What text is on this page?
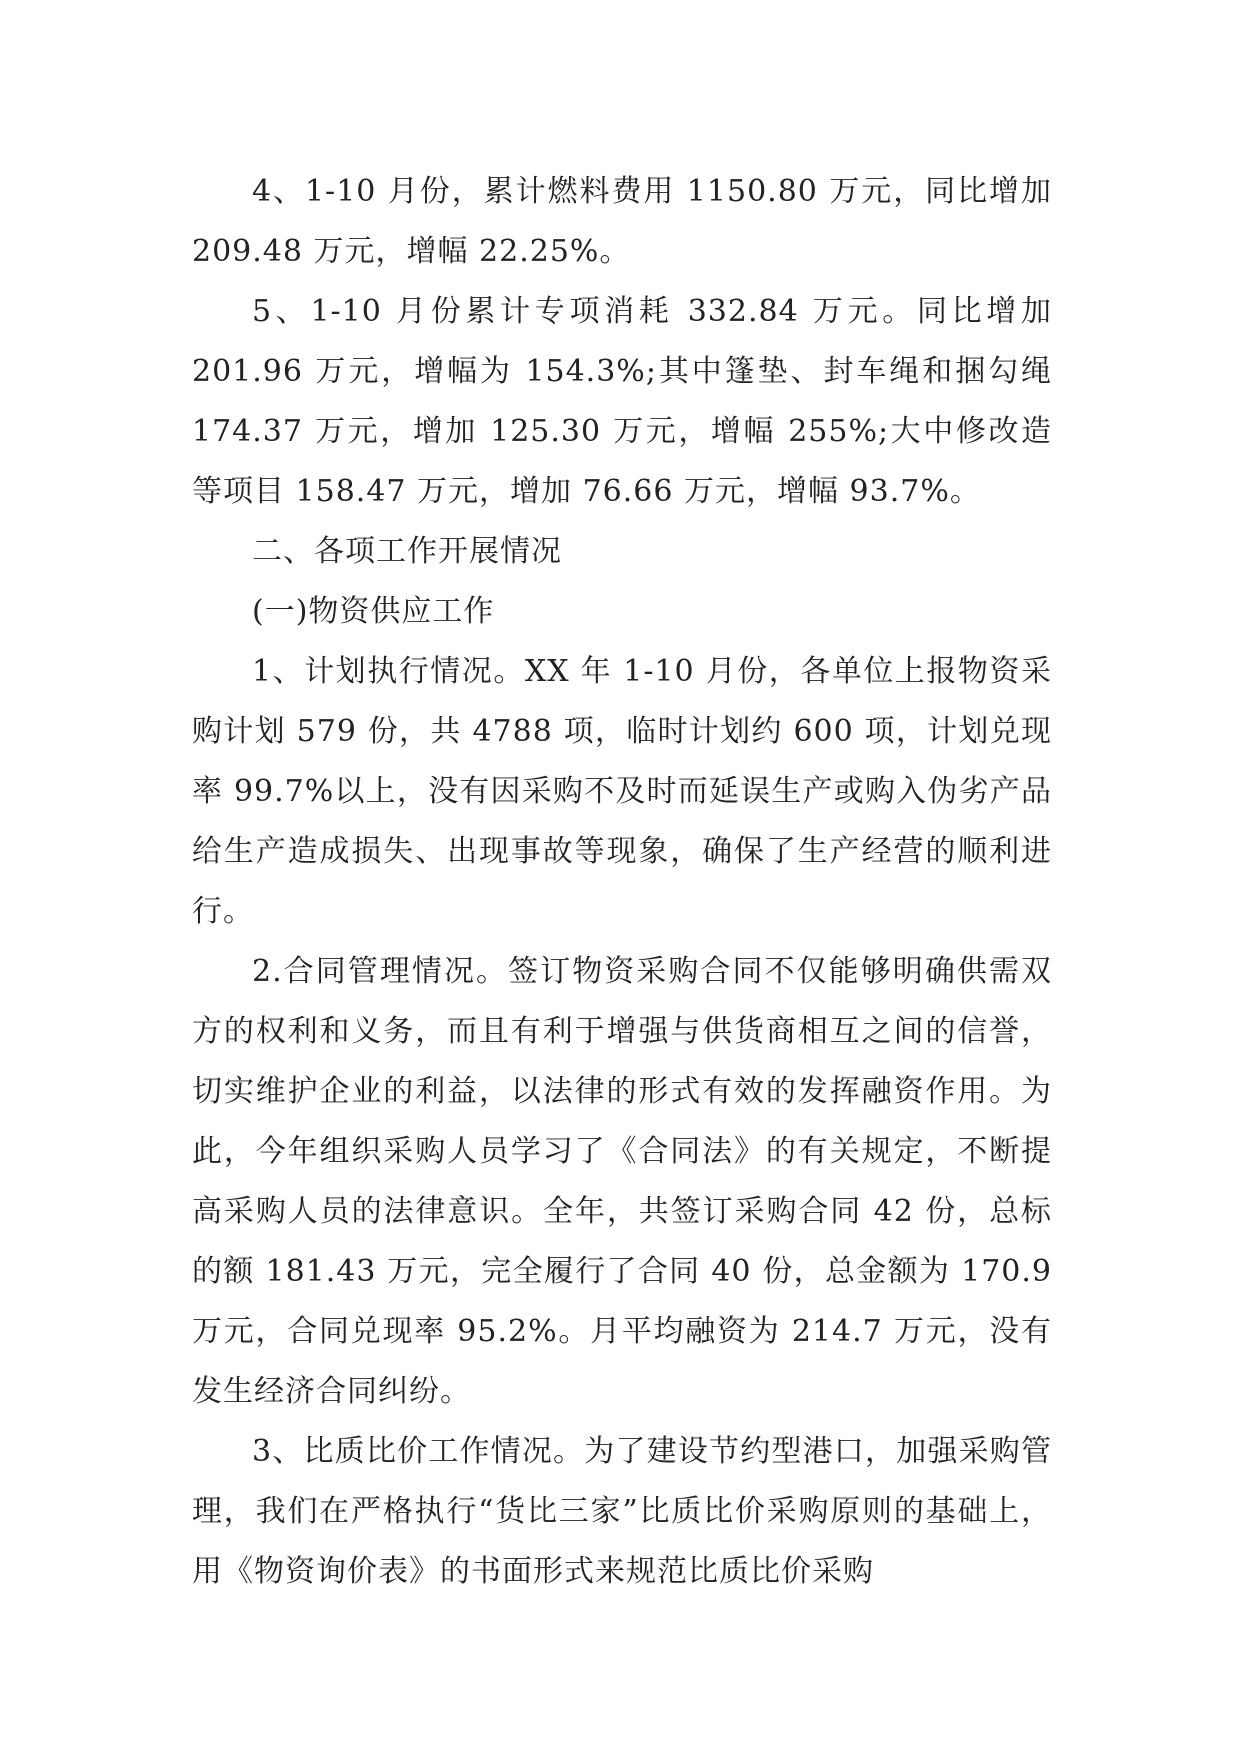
4、1-10 月份，累计燃料费用 1150.80 万元，同比增加 209.48 万元，增幅 22.25%。

5、1-10 月份累计专项消耗 332.84 万元。同比增加 201.96 万元，增幅为 154.3%;其中篷垫、封车绳和捆勾绳 174.37 万元，增加 125.30 万元，增幅 255%;大中修改造等项目 158.47 万元，增加 76.66 万元，增幅 93.7%。

二、各项工作开展情况

(一)物资供应工作

1、计划执行情况。XX 年 1-10 月份，各单位上报物资采购计划 579 份，共 4788 项，临时计划约 600 项，计划兑现率 99.7%以上，没有因采购不及时而延误生产或购入伪劣产品给生产造成损失、出现事故等现象，确保了生产经营的顺利进行。

2.合同管理情况。签订物资采购合同不仅能够明确供需双方的权利和义务，而且有利于增强与供货商相互之间的信誉，切实维护企业的利益，以法律的形式有效的发挥融资作用。为此，今年组织采购人员学习了《合同法》的有关规定，不断提高采购人员的法律意识。全年，共签订采购合同 42 份，总标的额 181.43 万元，完全履行了合同 40 份，总金额为 170.9 万元，合同兑现率 95.2%。月平均融资为 214.7 万元，没有发生经济合同纠纷。

3、比质比价工作情况。为了建设节约型港口，加强采购管理，我们在严格执行“货比三家”比质比价采购原则的基础上，用《物资询价表》的书面形式来规范比质比价采购
